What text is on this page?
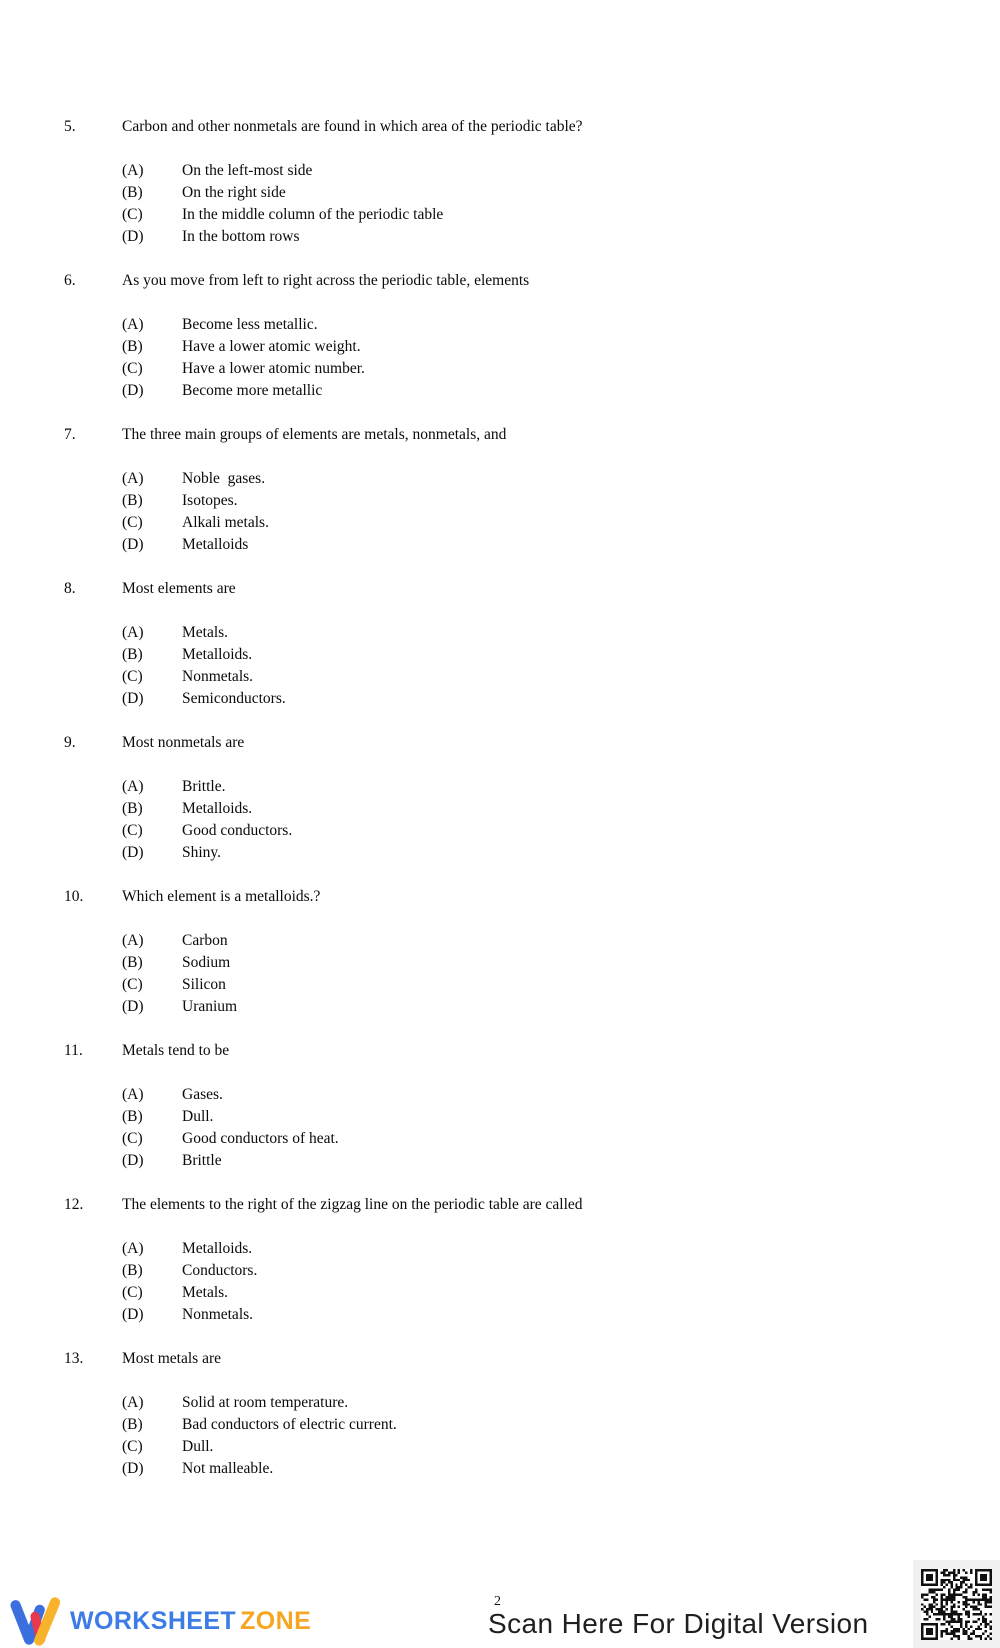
5.	Carbon and other nonmetals are found in which area of the periodic table?
(A)	On the left-most side
(B)	On the right side
(C)	In the middle column of the periodic table
(D)	In the bottom rows
6.	As you move from left to right across the periodic table, elements
(A)	Become less metallic.
(B)	Have a lower atomic weight.
(C)	Have a lower atomic number.
(D)	Become more metallic
7.	The three main groups of elements are metals, nonmetals, and
(A)	Noble  gases.
(B)	Isotopes.
(C)	Alkali metals.
(D)	Metalloids
8.	Most elements are
(A)	Metals.
(B)	Metalloids.
(C)	Nonmetals.
(D)	Semiconductors.
9.	Most nonmetals are
(A)	Brittle.
(B)	Metalloids.
(C)	Good conductors.
(D)	Shiny.
10.	Which element is a metalloids.?
(A)	Carbon
(B)	Sodium
(C)	Silicon
(D)	Uranium
11.	Metals tend to be
(A)	Gases.
(B)	Dull.
(C)	Good conductors of heat.
(D)	Brittle
12.	The elements to the right of the zigzag line on the periodic table are called
(A)	Metalloids.
(B)	Conductors.
(C)	Metals.
(D)	Nonmetals.
13.	Most metals are
(A)	Solid at room temperature.
(B)	Bad conductors of electric current.
(C)	Dull.
(D)	Not malleable.
WORKSHEET ZONE
2
Scan Here For Digital Version
